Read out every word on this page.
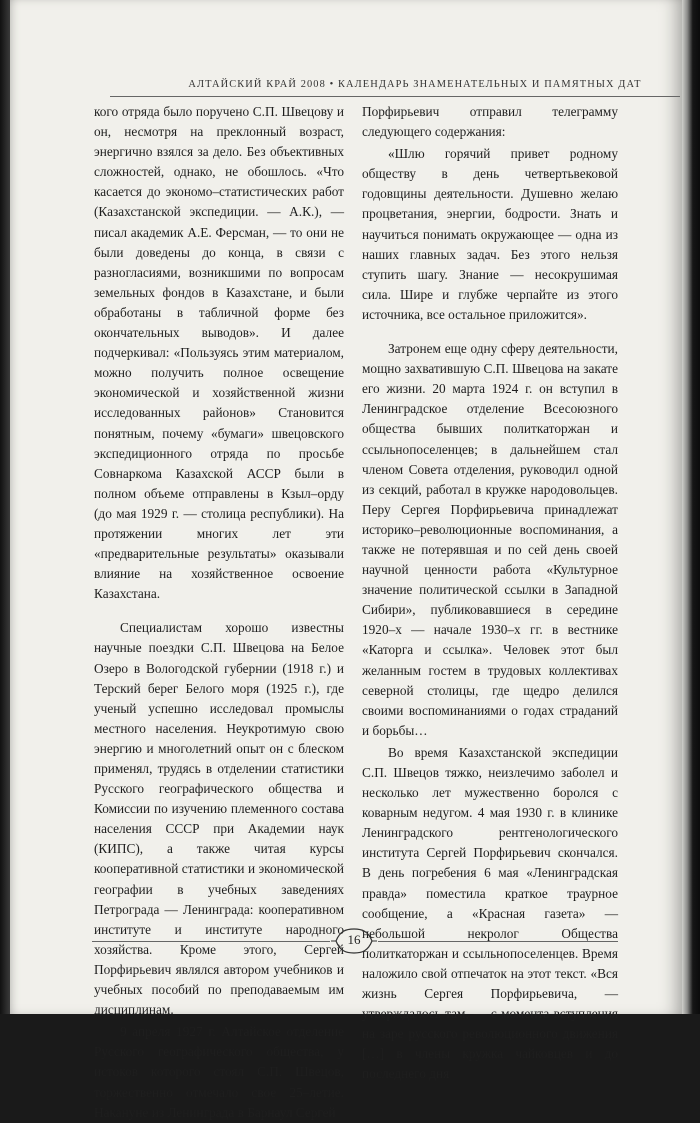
АЛТАЙСКИЙ КРАЙ 2008 • КАЛЕНДАРЬ ЗНАМЕНАТЕЛЬНЫХ И ПАМЯТНЫХ ДАТ

кого отряда было поручено С.П. Швецову и он, несмотря на преклонный возраст, энергично взялся за дело. Без объективных сложностей, однако, не обошлось. «Что касается до экономо–статистических работ (Казахстанской экспедиции. — А.К.), — писал академик А.Е. Ферсман, — то они не были доведены до конца, в связи с разногласиями, возникшими по вопросам земельных фондов в Казахстане, и были обработаны в табличной форме без окончательных выводов». И далее подчеркивал: «Пользуясь этим материалом, можно получить полное освещение экономической и хозяйственной жизни исследованных районов» Становится понятным, почему «бумаги» швецовского экспедиционного отряда по просьбе Совнаркома Казахской АССР были в полном объеме отправлены в Кзыл–орду (до мая 1929 г. — столица республики). На протяжении многих лет эти «предварительные результаты» оказывали влияние на хозяйственное освоение Казахстана.

Специалистам хорошо известны научные поездки С.П. Швецова на Белое Озеро в Вологодской губернии (1918 г.) и Терский берег Белого моря (1925 г.), где ученый успешно исследовал промыслы местного населения. Неукротимую свою энергию и многолетний опыт он с блеском применял, трудясь в отделении статистики Русского географического общества и Комиссии по изучению племенного состава населения СССР при Академии наук (КИПС), а также читая курсы кооперативной статистики и экономической географии в учебных заведениях Петрограда — Ленинграда: кооперативном институте и институте народного хозяйства. Кроме этого, Сергей Порфирьевич являлся автором учебников и учебных пособий по преподаваемым им дисциплинам.

9 апреля 1927 г. Алтайское отделение Русского географического общества, у истоков которого стоял С.П. Швецов, торжественно отмечало свое 25–летие. Накануне из Ленинграда в Барнаул Сергей

Порфирьевич отправил телеграмму следующего содержания:

«Шлю горячий привет родному обществу в день четвертьвековой годовщины деятельности. Душевно желаю процветания, энергии, бодрости. Знать и научиться понимать окружающее — одна из наших главных задач. Без этого нельзя ступить шагу. Знание — несокрушимая сила. Шире и глубже черпайте из этого источника, все остальное приложится».

Затронем еще одну сферу деятельности, мощно захватившую С.П. Швецова на закате его жизни. 20 марта 1924 г. он вступил в Ленинградское отделение Всесоюзного общества бывших политкаторжан и ссыльнопоселенцев; в дальнейшем стал членом Совета отделения, руководил одной из секций, работал в кружке народовольцев. Перу Сергея Порфирьевича принадлежат историко–революционные воспоминания, а также не потерявшая и по сей день своей научной ценности работа «Культурное значение политической ссылки в Западной Сибири», публиковавшиеся в середине 1920–х — начале 1930–х гг. в вестнике «Каторга и ссылка». Человек этот был желанным гостем в трудовых коллективах северной столицы, где щедро делился своими воспоминаниями о годах страданий и борьбы…

Во время Казахстанской экспедиции С.П. Швецов тяжко, неизлечимо заболел и несколько лет мужественно боролся с коварным недугом. 4 мая 1930 г. в клинике Ленинградского рентгенологического института Сергей Порфирьевич скончался. В день погребения 6 мая «Ленинградская правда» поместила краткое траурное сообщение, а «Красная газета» — небольшой некролог Общества политкаторжан и ссыльнопоселенцев. Время наложило свой отпечаток на этот текст. «Вся жизнь Сергея Порфирьевича, — утверждалось там, — с момента вступления на заре русского революционного движения […] в члены кружка чайковцев и до последнего дня

16
